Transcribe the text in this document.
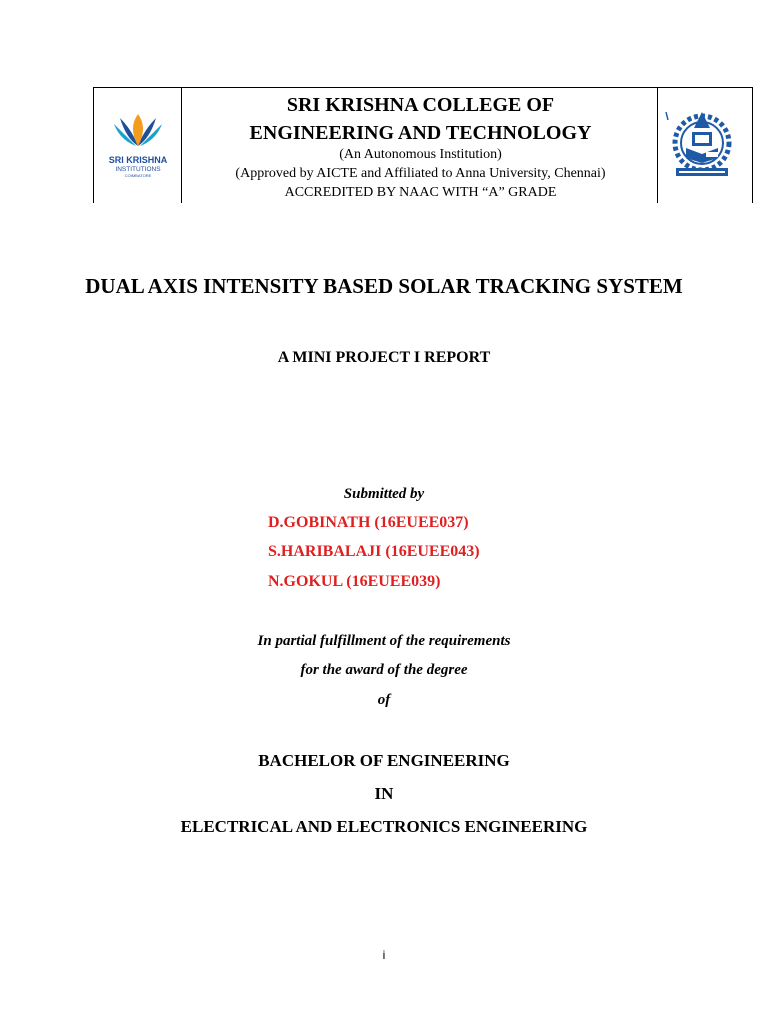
SRI KRISHNA
INSTITUTIONS
COIMBATORE
SRI KRISHNA COLLEGE OF
ENGINEERING AND TECHNOLOGY
(An Autonomous Institution)
(Approved by AICTE and Affiliated to Anna University, Chennai)
ACCREDITED BY NAAC WITH “A” GRADE
DUAL AXIS INTENSITY BASED SOLAR TRACKING SYSTEM
A MINI PROJECT I REPORT
Submitted by
D.GOBINATH (16EUEE037)
S.HARIBALAJI (16EUEE043)
N.GOKUL (16EUEE039)
In partial fulfillment of the requirements
for the award of the degree
of
BACHELOR OF ENGINEERING
IN
ELECTRICAL AND ELECTRONICS ENGINEERING
i
